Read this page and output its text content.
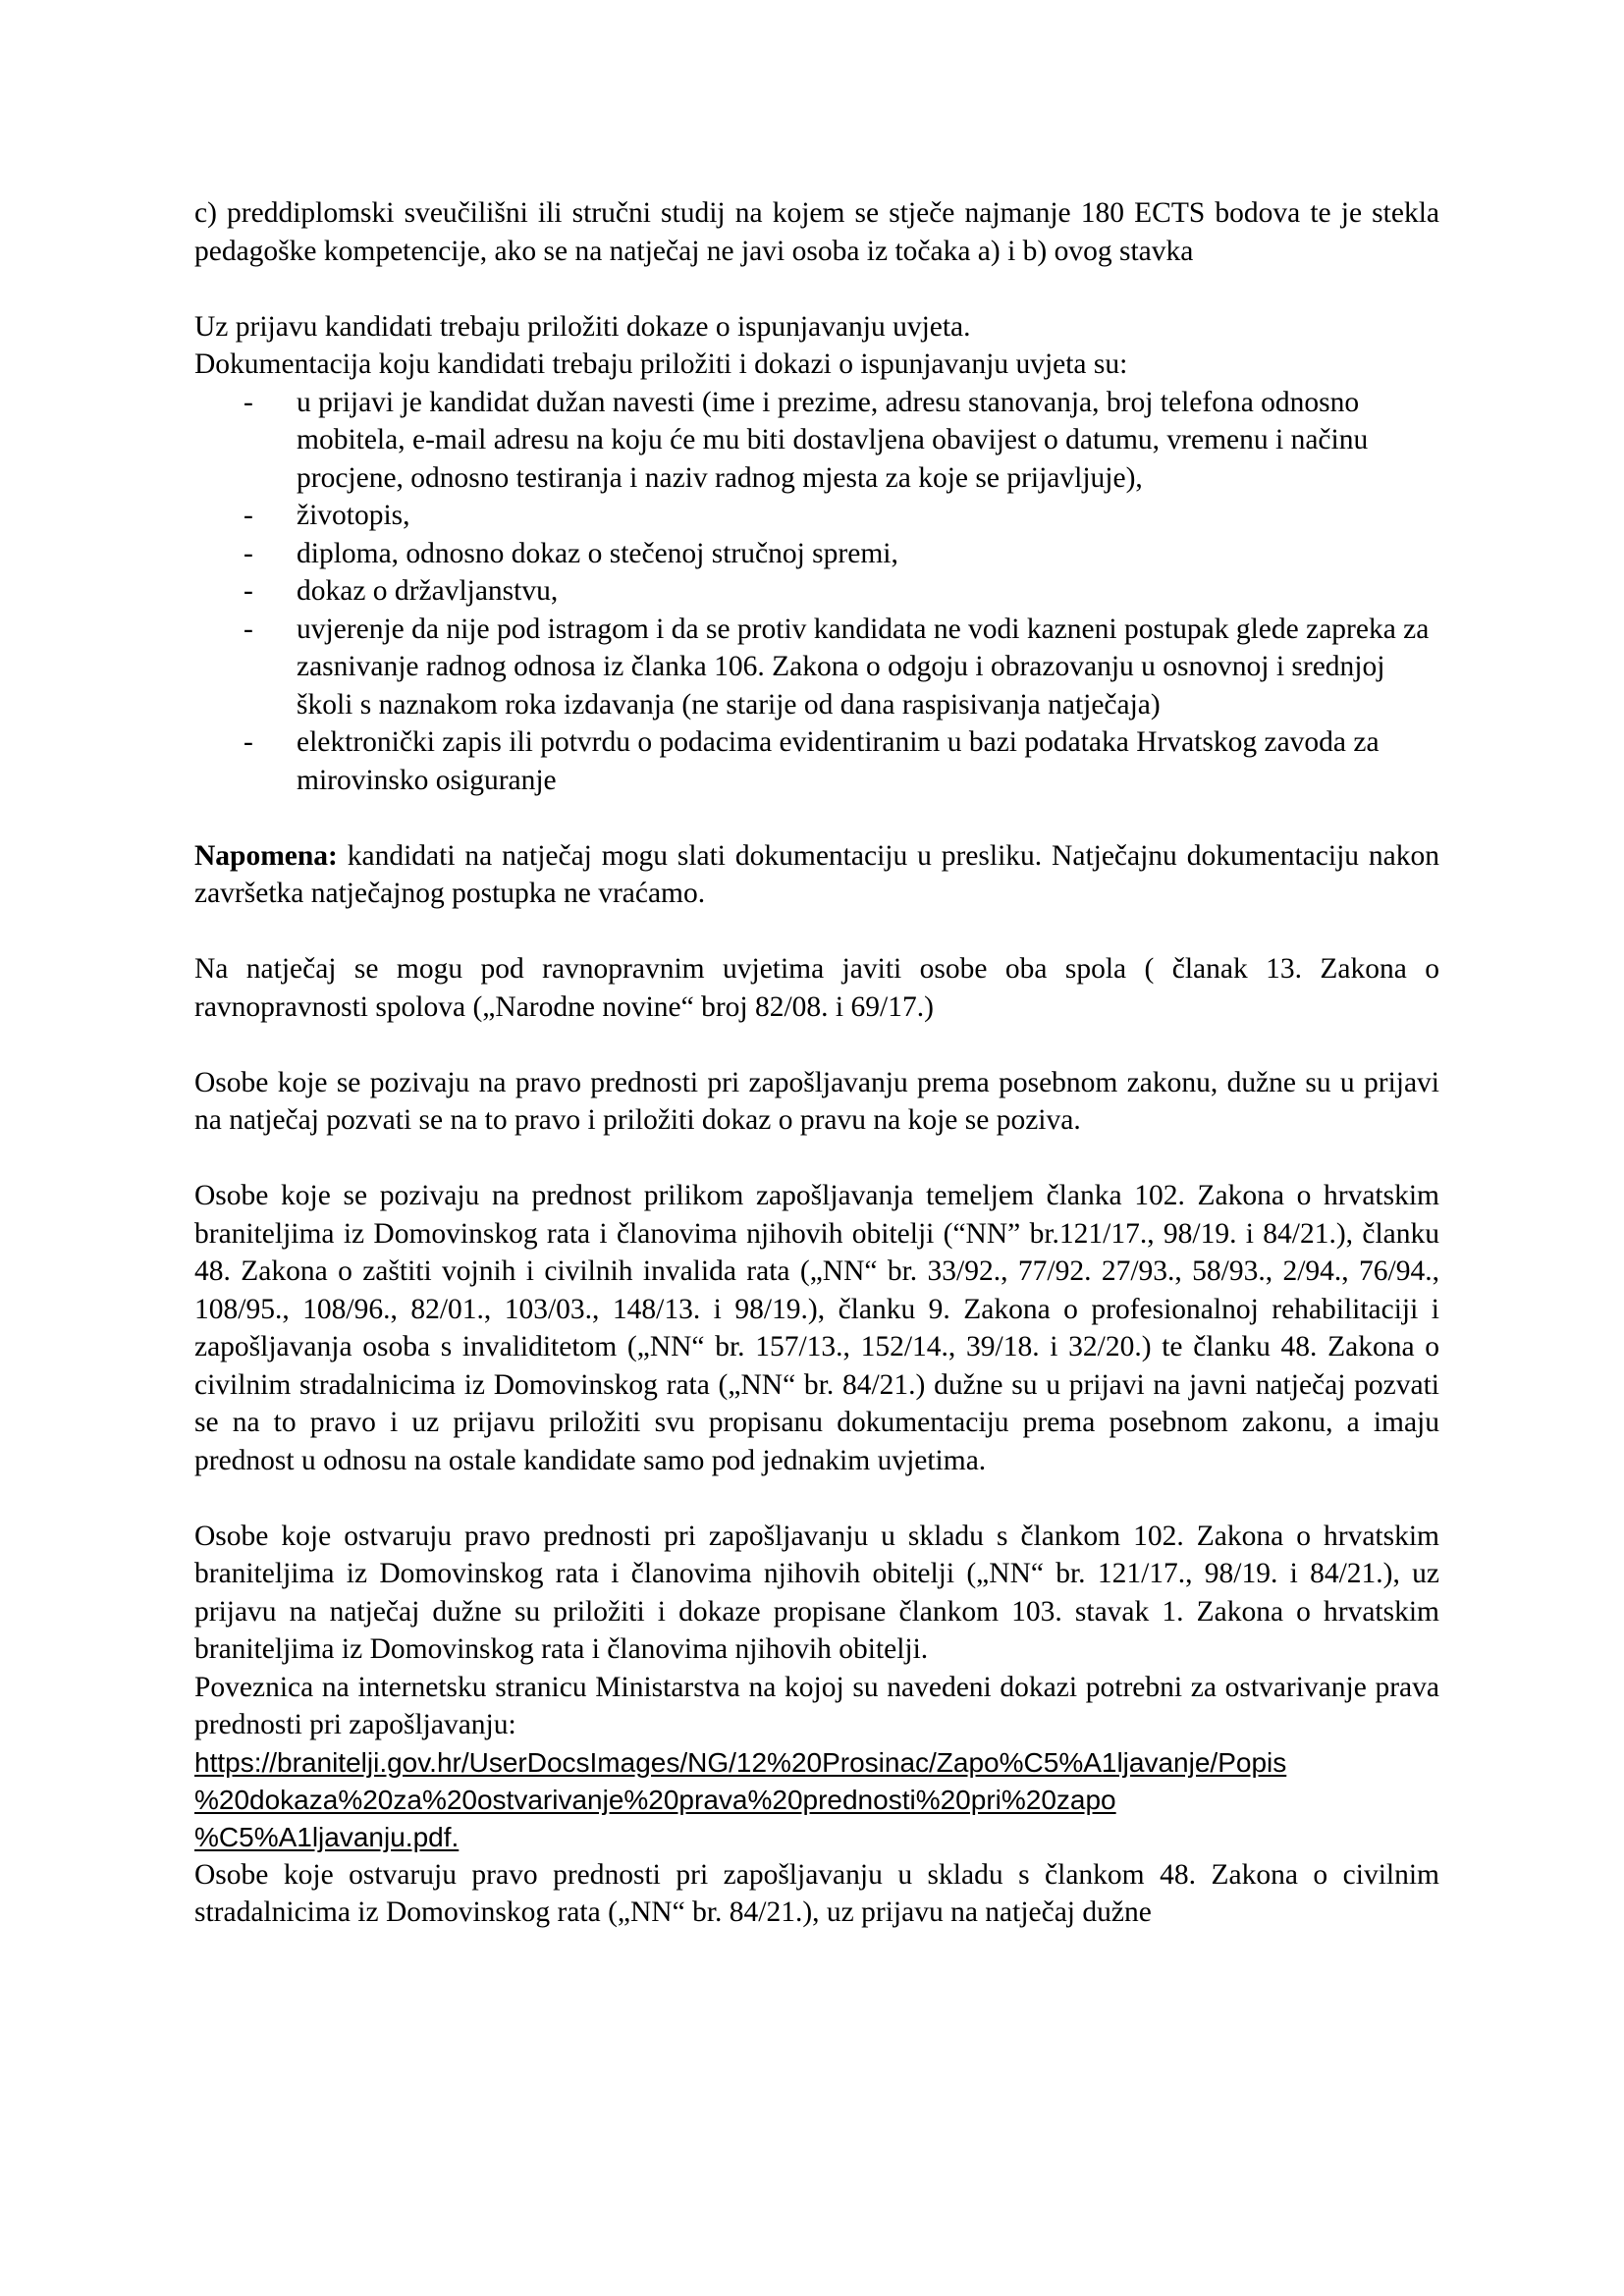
c) preddiplomski sveučilišni ili stručni studij na kojem se stječe najmanje 180 ECTS bodova te je stekla pedagoške kompetencije, ako se na natječaj ne javi osoba iz točaka a) i b) ovog stavka

Uz prijavu kandidati trebaju priložiti dokaze o ispunjavanju uvjeta.

Dokumentacija koju kandidati trebaju priložiti i dokazi o ispunjavanju uvjeta su:

- u prijavi je kandidat dužan navesti (ime i prezime, adresu stanovanja, broj telefona odnosno mobitela, e-mail adresu na koju će mu biti dostavljena obavijest o datumu, vremenu i načinu procjene, odnosno testiranja i naziv radnog mjesta za koje se prijavljuje),
- životopis,
- diploma, odnosno dokaz o stečenoj stručnoj spremi,
- dokaz o državljanstvu,
- uvjerenje da nije pod istragom i da se protiv kandidata ne vodi kazneni postupak glede zapreka za zasnivanje radnog odnosa iz članka 106. Zakona o odgoju i obrazovanju u osnovnoj i srednjoj školi s naznakom roka izdavanja (ne starije od dana raspisivanja natječaja)
- elektronički zapis ili potvrdu o podacima evidentiranim u bazi podataka Hrvatskog zavoda za mirovinsko osiguranje

Napomena: kandidati na natječaj mogu slati dokumentaciju u presliku. Natječajnu dokumentaciju nakon završetka natječajnog postupka ne vraćamo.

Na natječaj se mogu pod ravnopravnim uvjetima javiti osobe oba spola ( članak 13. Zakona o ravnopravnosti spolova („Narodne novine“ broj 82/08. i 69/17.)

Osobe koje se pozivaju na pravo prednosti pri zapošljavanju prema posebnom zakonu, dužne su u prijavi na natječaj pozvati se na to pravo i priložiti dokaz o pravu na koje se poziva.

Osobe koje se pozivaju na prednost prilikom zapošljavanja temeljem članka 102. Zakona o hrvatskim braniteljima iz Domovinskog rata i članovima njihovih obitelji (“NN” br.121/17., 98/19. i 84/21.), članku 48. Zakona o zaštiti vojnih i civilnih invalida rata („NN“ br. 33/92., 77/92. 27/93., 58/93., 2/94., 76/94., 108/95., 108/96., 82/01., 103/03., 148/13. i 98/19.), članku 9. Zakona o profesionalnoj rehabilitaciji i zapošljavanja osoba s invaliditetom („NN“ br. 157/13., 152/14., 39/18. i 32/20.) te članku 48. Zakona o civilnim stradalnicima iz Domovinskog rata („NN“ br. 84/21.) dužne su u prijavi na javni natječaj pozvati se na to pravo i uz prijavu priložiti svu propisanu dokumentaciju prema posebnom zakonu, a imaju prednost u odnosu na ostale kandidate samo pod jednakim uvjetima.

Osobe koje ostvaruju pravo prednosti pri zapošljavanju u skladu s člankom 102. Zakona o hrvatskim braniteljima iz Domovinskog rata i članovima njihovih obitelji („NN“ br. 121/17., 98/19. i 84/21.), uz prijavu na natječaj dužne su priložiti i dokaze propisane člankom 103. stavak 1. Zakona o hrvatskim braniteljima iz Domovinskog rata i članovima njihovih obitelji.

Poveznica na internetsku stranicu Ministarstva na kojoj su navedeni dokazi potrebni za ostvarivanje prava prednosti pri zapošljavanju:

https://branitelji.gov.hr/UserDocsImages/NG/12%20Prosinac/Zapo%C5%A1ljavanje/Popis
%20dokaza%20za%20ostvarivanje%20prava%20prednosti%20pri%20zapo
%C5%A1ljavanju.pdf.

Osobe koje ostvaruju pravo prednosti pri zapošljavanju u skladu s člankom 48. Zakona o civilnim stradalnicima iz Domovinskog rata („NN“ br. 84/21.), uz prijavu na natječaj dužne
